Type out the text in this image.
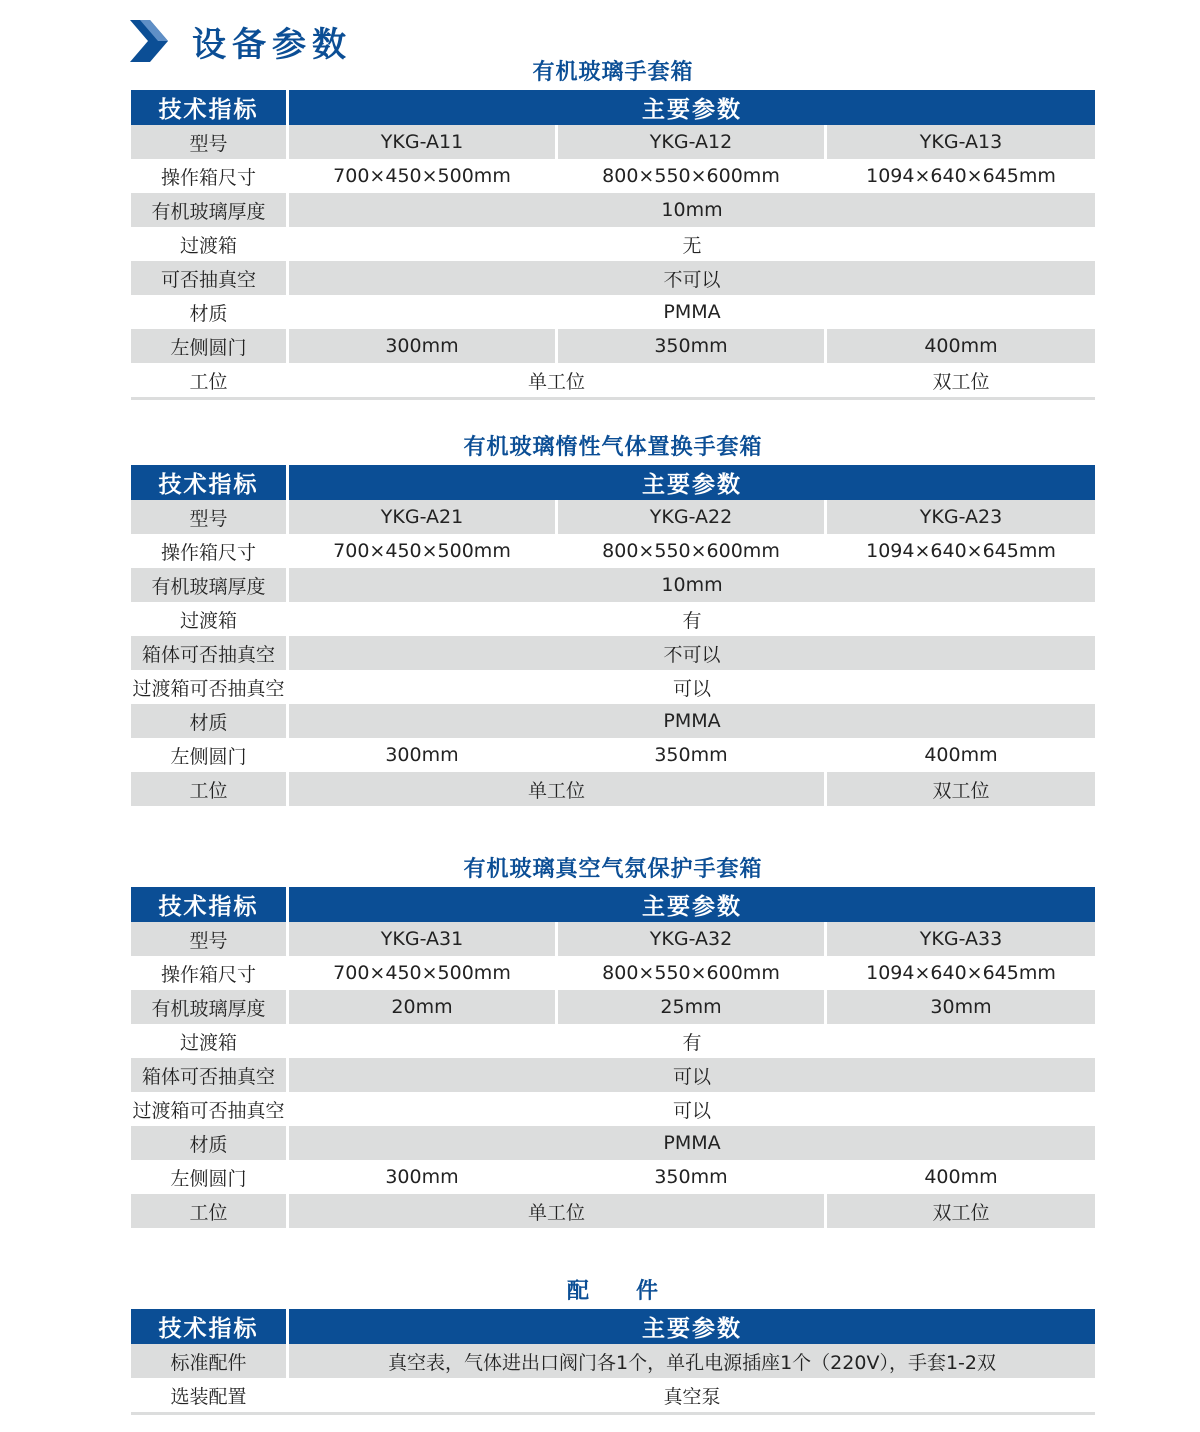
设备参数
有机玻璃手套箱
技术指标	主要参数
型号	YKG-A11	YKG-A12	YKG-A13
操作箱尺寸	700×450×500mm	800×550×600mm	1094×640×645mm
有机玻璃厚度	10mm
过渡箱	无
可否抽真空	不可以
材质	PMMA
左侧圆门	300mm	350mm	400mm
工位	单工位	双工位
有机玻璃惰性气体置换手套箱
技术指标	主要参数
型号	YKG-A21	YKG-A22	YKG-A23
操作箱尺寸	700×450×500mm	800×550×600mm	1094×640×645mm
有机玻璃厚度	10mm
过渡箱	有
箱体可否抽真空	不可以
过渡箱可否抽真空	可以
材质	PMMA
左侧圆门	300mm	350mm	400mm
工位	单工位	双工位
有机玻璃真空气氛保护手套箱
技术指标	主要参数
型号	YKG-A31	YKG-A32	YKG-A33
操作箱尺寸	700×450×500mm	800×550×600mm	1094×640×645mm
有机玻璃厚度	20mm	25mm	30mm
过渡箱	有
箱体可否抽真空	可以
过渡箱可否抽真空	可以
材质	PMMA
左侧圆门	300mm	350mm	400mm
工位	单工位	双工位
配　　件
技术指标	主要参数
标准配件	真空表，气体进出口阀门各1个，单孔电源插座1个（220V），手套1-2双
选装配置	真空泵
